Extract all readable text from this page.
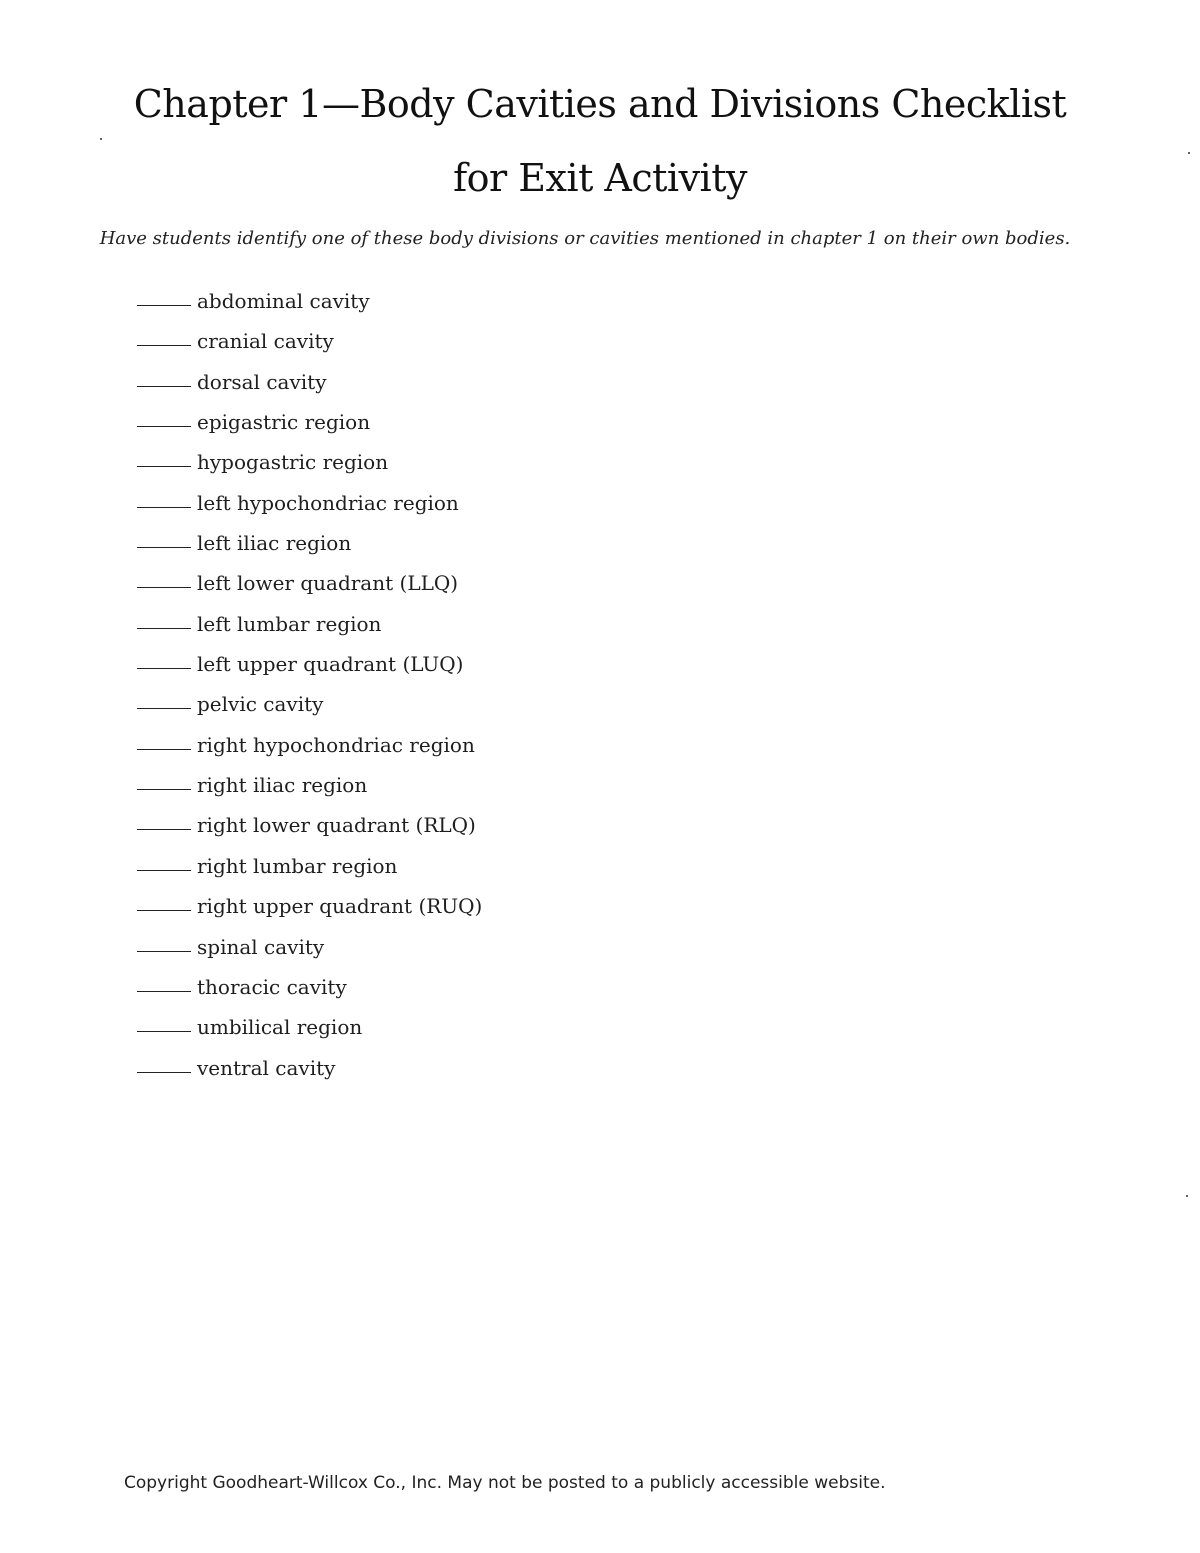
Chapter 1—Body Cavities and Divisions Checklist
for Exit Activity
Have students identify one of these body divisions or cavities mentioned in chapter 1 on their own bodies.
abdominal cavity
cranial cavity
dorsal cavity
epigastric region
hypogastric region
left hypochondriac region
left iliac region
left lower quadrant (LLQ)
left lumbar region
left upper quadrant (LUQ)
pelvic cavity
right hypochondriac region
right iliac region
right lower quadrant (RLQ)
right lumbar region
right upper quadrant (RUQ)
spinal cavity
thoracic cavity
umbilical region
ventral cavity
Copyright Goodheart-Willcox Co., Inc. May not be posted to a publicly accessible website.
